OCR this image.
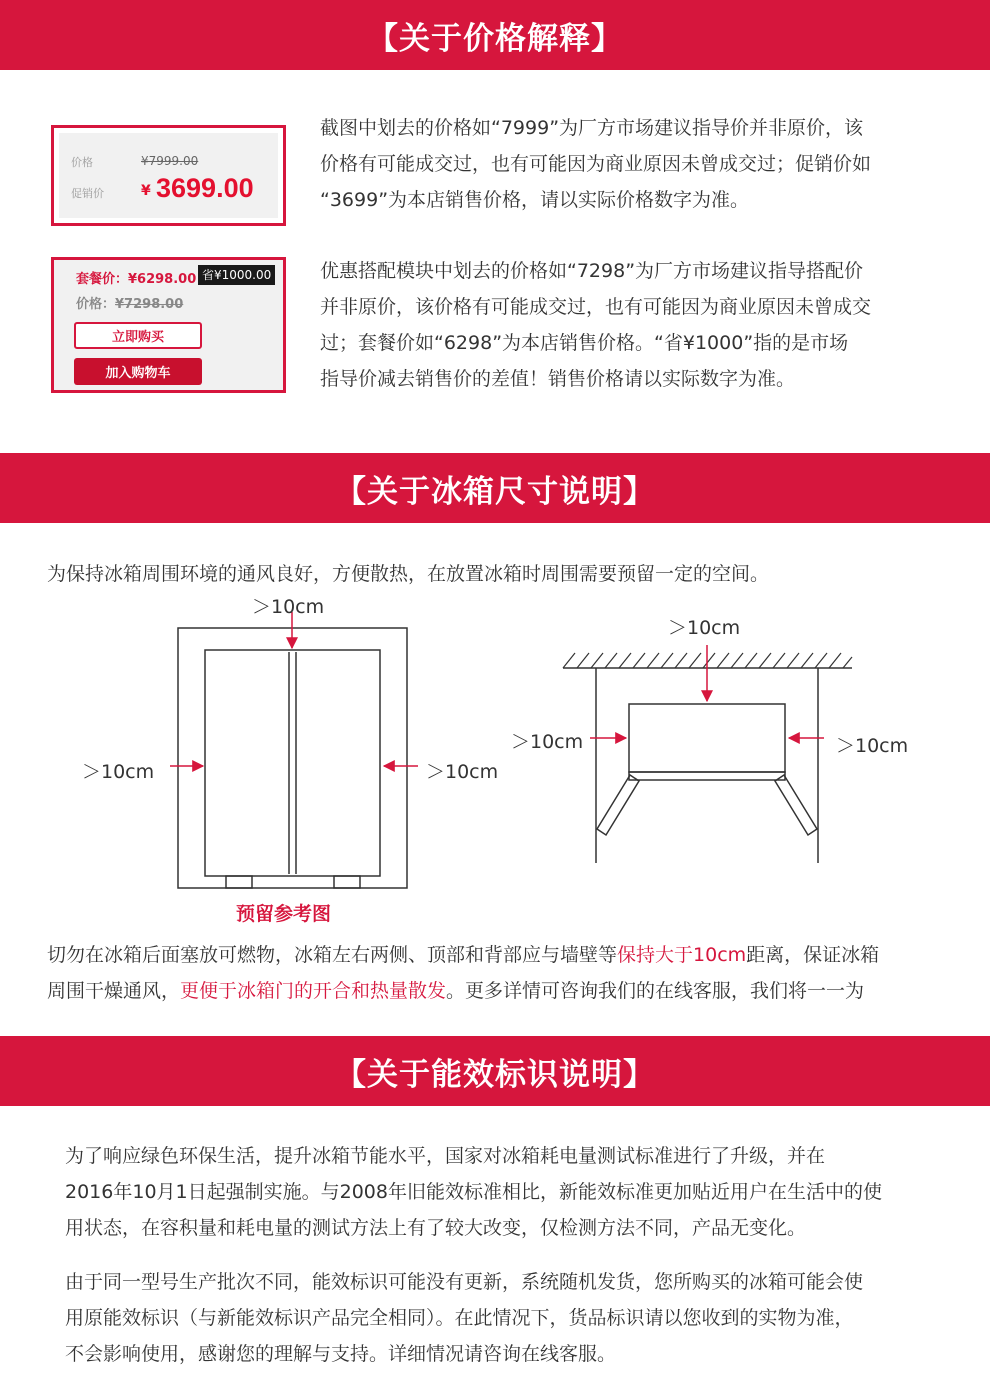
【关于价格解释】
价格	¥7999.00
促销价	¥ 3699.00
截图中划去的价格如“7999”为厂方市场建议指导价并非原价，该
价格有可能成交过，也有可能因为商业原因未曾成交过；促销价如
“3699”为本店销售价格，请以实际价格数字为准。
套餐价：¥6298.00 省¥1000.00
价格：¥7298.00
立即购买
加入购物车
优惠搭配模块中划去的价格如“7298”为厂方市场建议指导搭配价
并非原价，该价格有可能成交过，也有可能因为商业原因未曾成交
过；套餐价如“6298”为本店销售价格。“省¥1000”指的是市场
指导价减去销售价的差值！销售价格请以实际数字为准。
【关于冰箱尺寸说明】
为保持冰箱周围环境的通风良好，方便散热，在放置冰箱时周围需要预留一定的空间。
＞10cm
＞10cm	＞10cm
＞10cm
＞10cm	＞10cm
预留参考图
切勿在冰箱后面塞放可燃物，冰箱左右两侧、顶部和背部应与墙壁等保持大于10cm距离，保证冰箱
周围干燥通风，更便于冰箱门的开合和热量散发。更多详情可咨询我们的在线客服，我们将一一为
【关于能效标识说明】
为了响应绿色环保生活，提升冰箱节能水平，国家对冰箱耗电量测试标准进行了升级，并在
2016年10月1日起强制实施。与2008年旧能效标准相比，新能效标准更加贴近用户在生活中的使
用状态，在容积量和耗电量的测试方法上有了较大改变，仅检测方法不同，产品无变化。
由于同一型号生产批次不同，能效标识可能没有更新，系统随机发货，您所购买的冰箱可能会使
用原能效标识（与新能效标识产品完全相同）。在此情况下，货品标识请以您收到的实物为准，
不会影响使用，感谢您的理解与支持。详细情况请咨询在线客服。
